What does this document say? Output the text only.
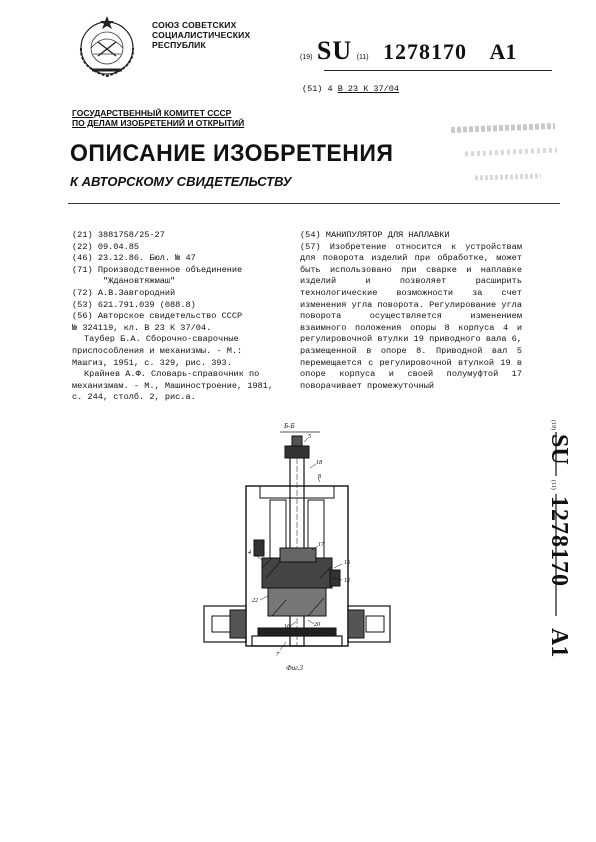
СОЮЗ СОВЕТСКИХ
СОЦИАЛИСТИЧЕСКИХ
РЕСПУБЛИК
(19) SU (11) 1278170 A1
(51) 4 В 23 К 37/04
ГОСУДАРСТВЕННЫЙ КОМИТЕТ СССР
ПО ДЕЛАМ ИЗОБРЕТЕНИЙ И ОТКРЫТИЙ
ОПИСАНИЕ ИЗОБРЕТЕНИЯ
К АВТОРСКОМУ СВИДЕТЕЛЬСТВУ
(21) 3881758/25-27
(22) 09.04.85
(46) 23.12.86. Бюл. № 47
(71) Производственное объединение
"Ждановтяжмаш"
(72) А.В.Завгородний
(53) 621.791.039 (088.8)
(56) Авторское свидетельство СССР
№ 324119, кл. В 23 К 37/04.
Таубер Б.А. Сборочно-сварочные приспособления и механизмы. - М.: Машгиз, 1951, с. 329, рис. 393.
Крайнев А.Ф. Словарь-справочник по механизмам. - М., Машиностроение, 1981, с. 244, столб. 2, рис.а.
(54) МАНИПУЛЯТОР ДЛЯ НАПЛАВКИ
(57) Изобретение относится к устройствам для поворота изделий при обработке, может быть использовано при сварке и наплавке изделий и позволяет расширить технологические возможности за счет изменения угла поворота. Регулирование угла поворота осуществляется изменением взаимного положения опоры 8 корпуса 4 и регулировочной втулки 19 приводного вала 6, размещенной в опоре 8. Приводной вал 5 перемещается с регулировочной втулкой 19 в опоре корпуса и своей полумуфтой 17 поворачивает промежуточный
(19)
SU
(11)
1278170
A1
Б-Б
5
18
8
17
4
15
22
12
16	20
7
Фиг.3
